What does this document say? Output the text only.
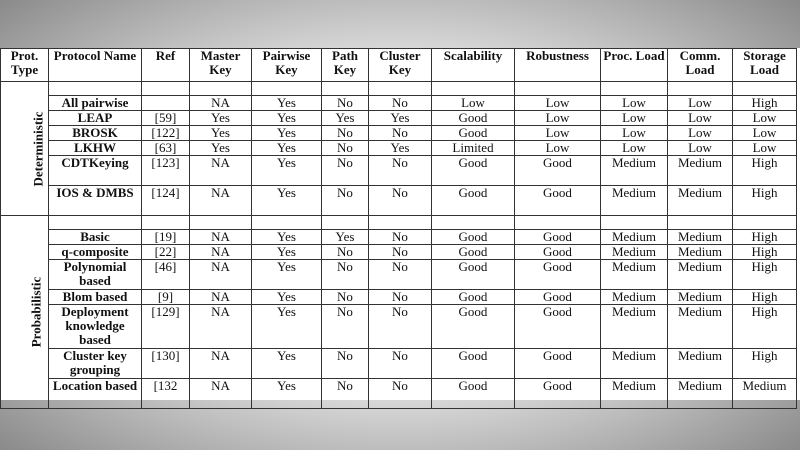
Prot. Type	Protocol Name	Ref	Master Key	Pairwise Key	Path Key	Cluster Key	Scalability	Robustness	Proc. Load	Comm. Load	Storage Load
Deterministic											
	All pairwise		NA	Yes	No	No	Low	Low	Low	Low	High
	LEAP	[59]	Yes	Yes	Yes	Yes	Good	Low	Low	Low	Low
	BROSK	[122]	Yes	Yes	No	No	Good	Low	Low	Low	Low
	LKHW	[63]	Yes	Yes	No	Yes	Limited	Low	Low	Low	Low
	CDTKeying	[123]	NA	Yes	No	No	Good	Good	Medium	Medium	High
	IOS & DMBS	[124]	NA	Yes	No	No	Good	Good	Medium	Medium	High
Probabilistic											
	Basic	[19]	NA	Yes	Yes	No	Good	Good	Medium	Medium	High
	q-composite	[22]	NA	Yes	No	No	Good	Good	Medium	Medium	High
	Polynomial based	[46]	NA	Yes	No	No	Good	Good	Medium	Medium	High
	Blom based	[9]	NA	Yes	No	No	Good	Good	Medium	Medium	High
	Deployment knowledge based	[129]	NA	Yes	No	No	Good	Good	Medium	Medium	High
	Cluster key grouping	[130]	NA	Yes	No	No	Good	Good	Medium	Medium	High
	Location based	[132	NA	Yes	No	No	Good	Good	Medium	Medium	Medium
